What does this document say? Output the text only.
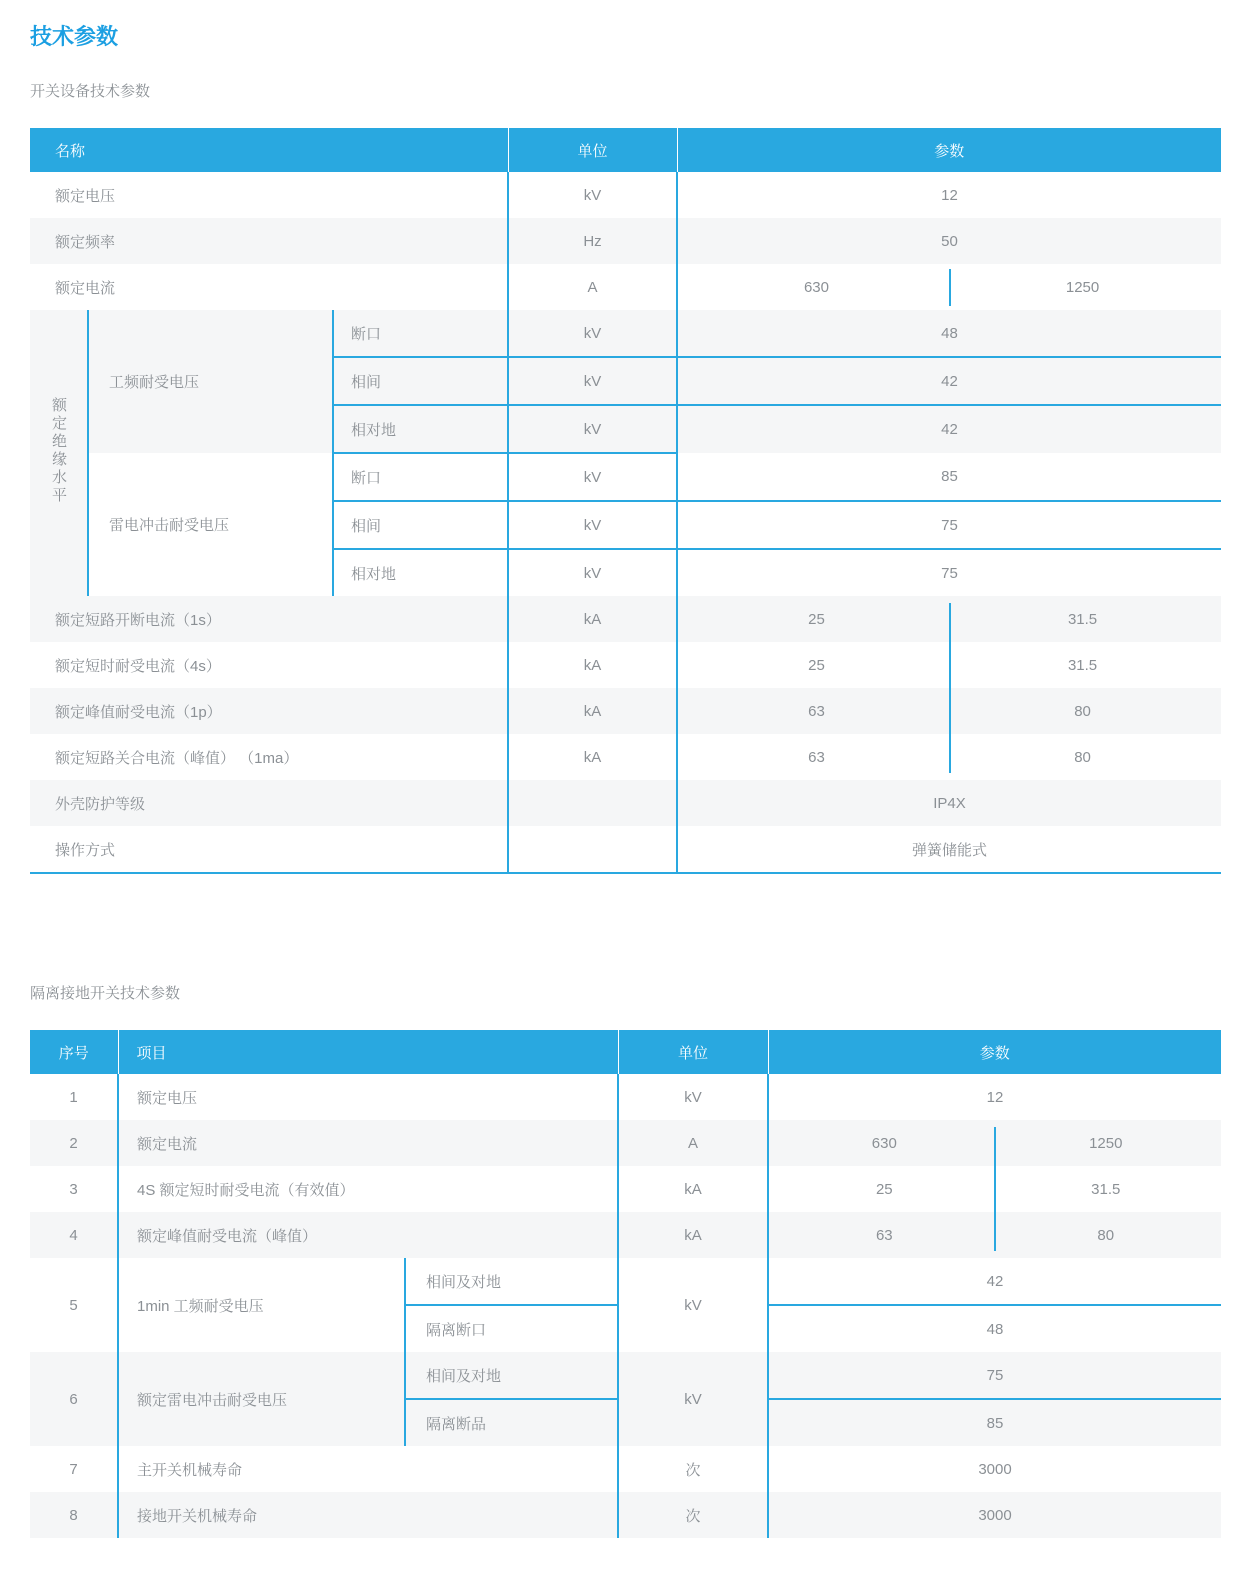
技术参数
开关设备技术参数
名称			单位	参数
额定电压			kV	12
额定频率			Hz	50
额定电流			A	630 1250

额定绝缘水平	工频耐受电压	断口	kV	48
		相间	kV	42
		相对地	kV	42
	雷电冲击耐受电压	断口	kV	85
		相间	kV	75
		相对地	kV	75
额定短路开断电流（1s）			kA	25 31.5

额定短时耐受电流（4s）			kA	25 31.5

额定峰值耐受电流（1p）			kA	63 80

额定短路关合电流（峰值） （1ma）			kA	63 80

外壳防护等级				IP4X
操作方式				弹簧储能式
隔离接地开关技术参数
序号	项目		单位	参数
1	额定电压		kV	12
2	额定电流		A	630 1250

3	4S 额定短时耐受电流（有效值）		kA	25 31.5

4	额定峰值耐受电流（峰值）		kA	63 80

5	1min 工频耐受电压	相间及对地	kV	42
		隔离断口		48
6	额定雷电冲击耐受电压	相间及对地	kV	75
		隔离断品		85
7	主开关机械寿命		次	3000
8	接地开关机械寿命		次	3000
